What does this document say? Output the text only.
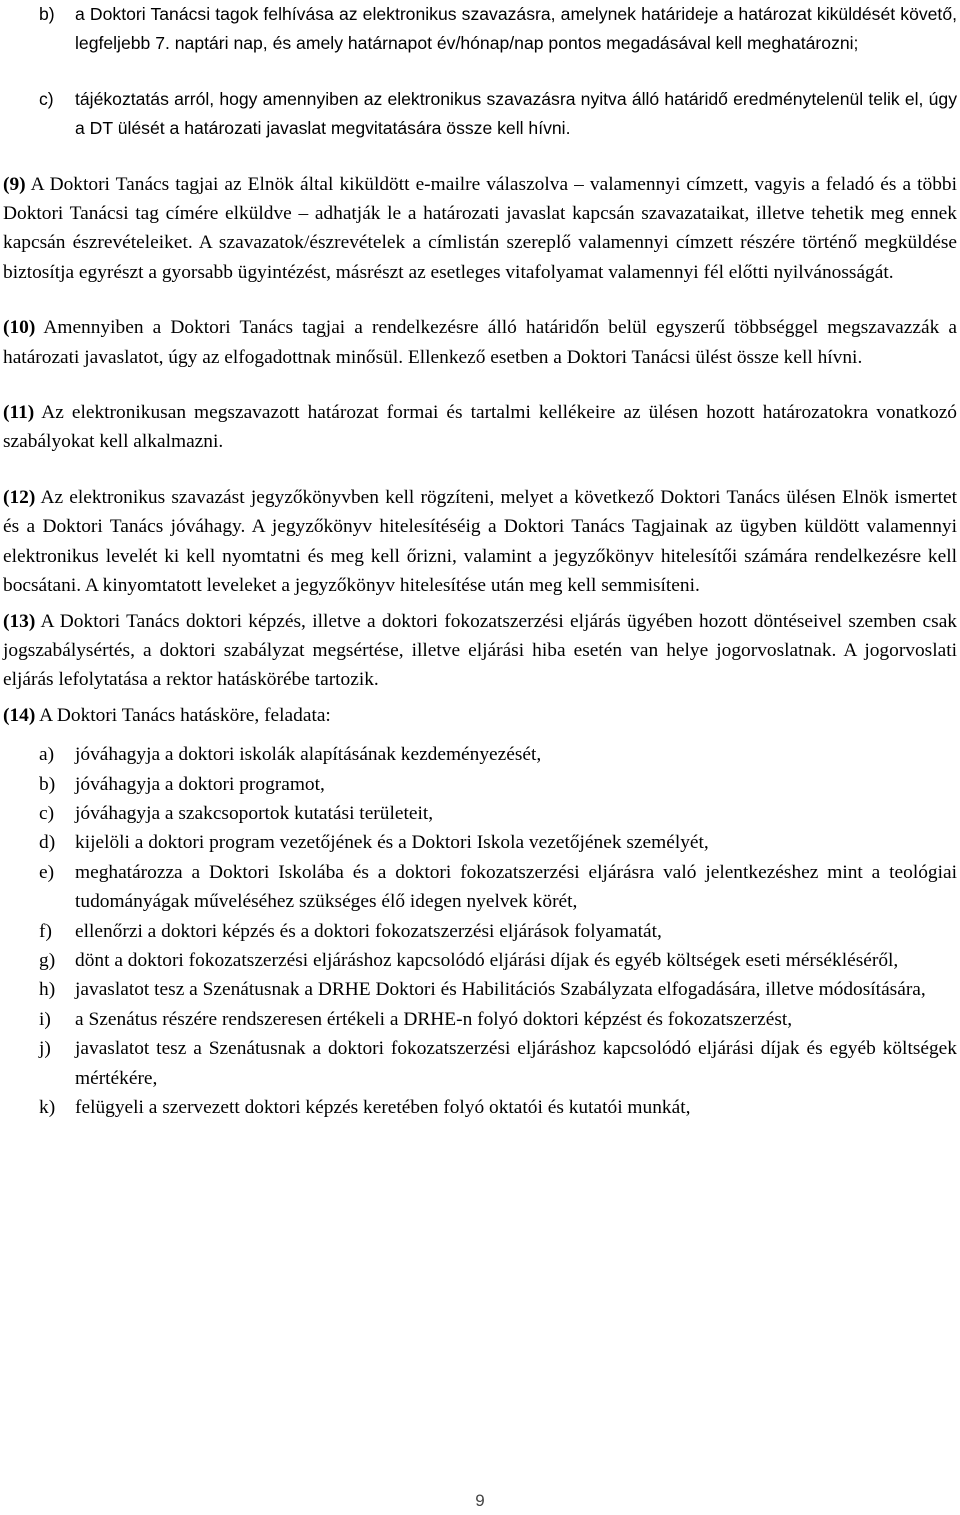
b) a Doktori Tanácsi tagok felhívása az elektronikus szavazásra, amelynek határideje a határozat kiküldését követő, legfeljebb 7. naptári nap, és amely határnapot év/hónap/nap pontos megadásával kell meghatározni;
c) tájékoztatás arról, hogy amennyiben az elektronikus szavazásra nyitva álló határidő eredménytelenül telik el, úgy a DT ülését a határozati javaslat megvitatására össze kell hívni.
(9) A Doktori Tanács tagjai az Elnök által kiküldött e-mailre válaszolva – valamennyi címzett, vagyis a feladó és a többi Doktori Tanácsi tag címére elküldve – adhatják le a határozati javaslat kapcsán szavazataikat, illetve tehetik meg ennek kapcsán észrevételeiket. A szavazatok/észrevételek a címlistán szereplő valamennyi címzett részére történő megküldése biztosítja egyrészt a gyorsabb ügyintézést, másrészt az esetleges vitafolyamat valamennyi fél előtti nyilvánosságát.
(10) Amennyiben a Doktori Tanács tagjai a rendelkezésre álló határidőn belül egyszerű többséggel megszavazzák a határozati javaslatot, úgy az elfogadottnak minősül. Ellenkező esetben a Doktori Tanácsi ülést össze kell hívni.
(11) Az elektronikusan megszavazott határozat formai és tartalmi kellékeire az ülésen hozott határozatokra vonatkozó szabályokat kell alkalmazni.
(12) Az elektronikus szavazást jegyzőkönyvben kell rögzíteni, melyet a következő Doktori Tanács ülésen Elnök ismertet és a Doktori Tanács jóváhagy. A jegyzőkönyv hitelesítéséig a Doktori Tanács Tagjainak az ügyben küldött valamennyi elektronikus levelét ki kell nyomtatni és meg kell őrizni, valamint a jegyzőkönyv hitelesítői számára rendelkezésre kell bocsátani. A kinyomtatott leveleket a jegyzőkönyv hitelesítése után meg kell semmisíteni.
(13) A Doktori Tanács doktori képzés, illetve a doktori fokozatszerzési eljárás ügyében hozott döntéseivel szemben csak jogszabálysértés, a doktori szabályzat megsértése, illetve eljárási hiba esetén van helye jogorvoslatnak. A jogorvoslati eljárás lefolytatása a rektor hatáskörébe tartozik.
(14) A Doktori Tanács hatásköre, feladata:
a) jóváhagyja a doktori iskolák alapításának kezdeményezését,
b) jóváhagyja a doktori programot,
c) jóváhagyja a szakcsoportok kutatási területeit,
d) kijelöli a doktori program vezetőjének és a Doktori Iskola vezetőjének személyét,
e) meghatározza a Doktori Iskolába és a doktori fokozatszerzési eljárásra való jelentkezéshez mint a teológiai tudományágak műveléséhez szükséges élő idegen nyelvek körét,
f) ellenőrzi a doktori képzés és a doktori fokozatszerzési eljárások folyamatát,
g) dönt a doktori fokozatszerzési eljáráshoz kapcsolódó eljárási díjak és egyéb költségek eseti mérsékléséről,
h) javaslatot tesz a Szenátusnak a DRHE Doktori és Habilitációs Szabályzata elfogadására, illetve módosítására,
i) a Szenátus részére rendszeresen értékeli a DRHE-n folyó doktori képzést és fokozatszerzést,
j) javaslatot tesz a Szenátusnak a doktori fokozatszerzési eljáráshoz kapcsolódó eljárási díjak és egyéb költségek mértékére,
k) felügyeli a szervezett doktori képzés keretében folyó oktatói és kutatói munkát,
9
